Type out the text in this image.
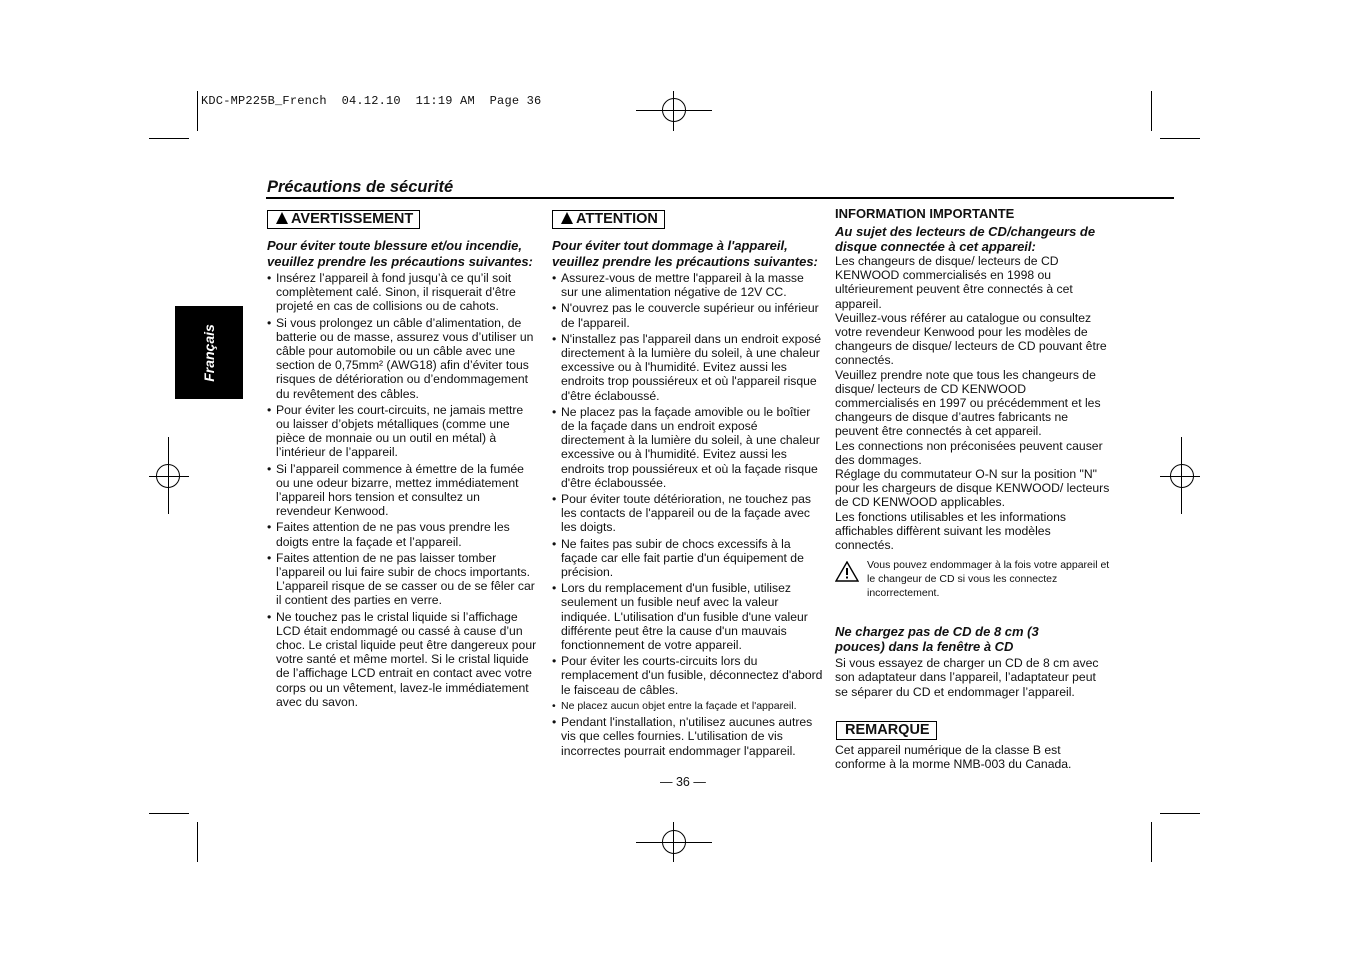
KDC-MP225B_French  04.12.10  11:19 AM  Page 36
Précautions de sécurité
Français
AVERTISSEMENT
Pour éviter toute blessure et/ou incendie, veuillez prendre les précautions suivantes:
• Insérez l’appareil à fond jusqu’à ce qu’il soit complètement calé. Sinon, il risquerait d’être projeté en cas de collisions ou de cahots.
• Si vous prolongez un câble d’alimentation, de batterie ou de masse, assurez vous d’utiliser un câble pour automobile ou un câble avec une section de 0,75mm² (AWG18) afin d’éviter tous risques de détérioration ou d’endommagement du revêtement des câbles.
• Pour éviter les court-circuits, ne jamais mettre ou laisser d’objets métalliques (comme une pièce de monnaie ou un outil en métal) à l’intérieur de l’appareil.
• Si l’appareil commence à émettre de la fumée ou une odeur bizarre, mettez immédiatement l’appareil hors tension et consultez un revendeur Kenwood.
• Faites attention de ne pas vous prendre les doigts entre la façade et l’appareil.
• Faites attention de ne pas laisser tomber l’appareil ou lui faire subir de chocs importants. L’appareil risque de se casser ou de se fêler car il contient des parties en verre.
• Ne touchez pas le cristal liquide si l’affichage LCD était endommagé ou cassé à cause d’un choc. Le cristal liquide peut être dangereux pour votre santé et même mortel. Si le cristal liquide de l’affichage LCD entrait en contact avec votre corps ou un vêtement, lavez-le immédiatement avec du savon.
ATTENTION
Pour éviter tout dommage à l'appareil, veuillez prendre les précautions suivantes:
• Assurez-vous de mettre l'appareil à la masse sur une alimentation négative de 12V CC.
• N'ouvrez pas le couvercle supérieur ou inférieur de l'appareil.
• N'installez pas l'appareil dans un endroit exposé directement à la lumière du soleil, à une chaleur excessive ou à l'humidité. Evitez aussi les endroits trop poussiéreux et où l'appareil risque d'être éclaboussé.
• Ne placez pas la façade amovible ou le boîtier de la façade dans un endroit exposé directement à la lumière du soleil, à une chaleur excessive ou à l'humidité. Evitez aussi les endroits trop poussiéreux et où la façade risque d'être éclaboussée.
• Pour éviter toute détérioration, ne touchez pas les contacts de l'appareil ou de la façade avec les doigts.
• Ne faites pas subir de chocs excessifs à la façade car elle fait partie d'un équipement de précision.
• Lors du remplacement d'un fusible, utilisez seulement un fusible neuf avec la valeur indiquée. L'utilisation d'un fusible d'une valeur différente peut être la cause d'un mauvais fonctionnement de votre appareil.
• Pour éviter les courts-circuits lors du remplacement d'un fusible, déconnectez d'abord le faisceau de câbles.
• Ne placez aucun objet entre la façade et l'appareil.
• Pendant l'installation, n'utilisez aucunes autres vis que celles fournies. L'utilisation de vis incorrectes pourrait endommager l'appareil.
INFORMATION IMPORTANTE
Au sujet des lecteurs de CD/changeurs de disque connectée à cet appareil:

Les changeurs de disque/ lecteurs de CD KENWOOD commercialisés en 1998 ou ultérieurement peuvent être connectés à cet appareil.

Veuillez-vous référer au catalogue ou consultez votre revendeur Kenwood pour les modèles de changeurs de disque/ lecteurs de CD pouvant être connectés.

Veuillez prendre note que tous les changeurs de disque/ lecteurs de CD KENWOOD commercialisés en 1997 ou précédemment et les changeurs de disque d’autres fabricants ne peuvent être connectés à cet appareil.

Les connections non préconisées peuvent causer des dommages.

Réglage du commutateur O-N sur la position "N" pour les chargeurs de disque KENWOOD/ lecteurs de CD KENWOOD applicables.

Les fonctions utilisables et les informations affichables diffèrent suivant les modèles connectés.

Vous pouvez endommager à la fois votre appareil et le changeur de CD si vous les connectez incorrectement.
Ne chargez pas de CD de 8 cm (3 pouces) dans la fenêtre à CD

Si vous essayez de charger un CD de 8 cm avec son adaptateur dans l’appareil, l’adaptateur peut se séparer du CD et endommager l’appareil.

REMARQUE

Cet appareil numérique de la classe B est conforme à la morme NMB-003 du Canada.

— 36 —
